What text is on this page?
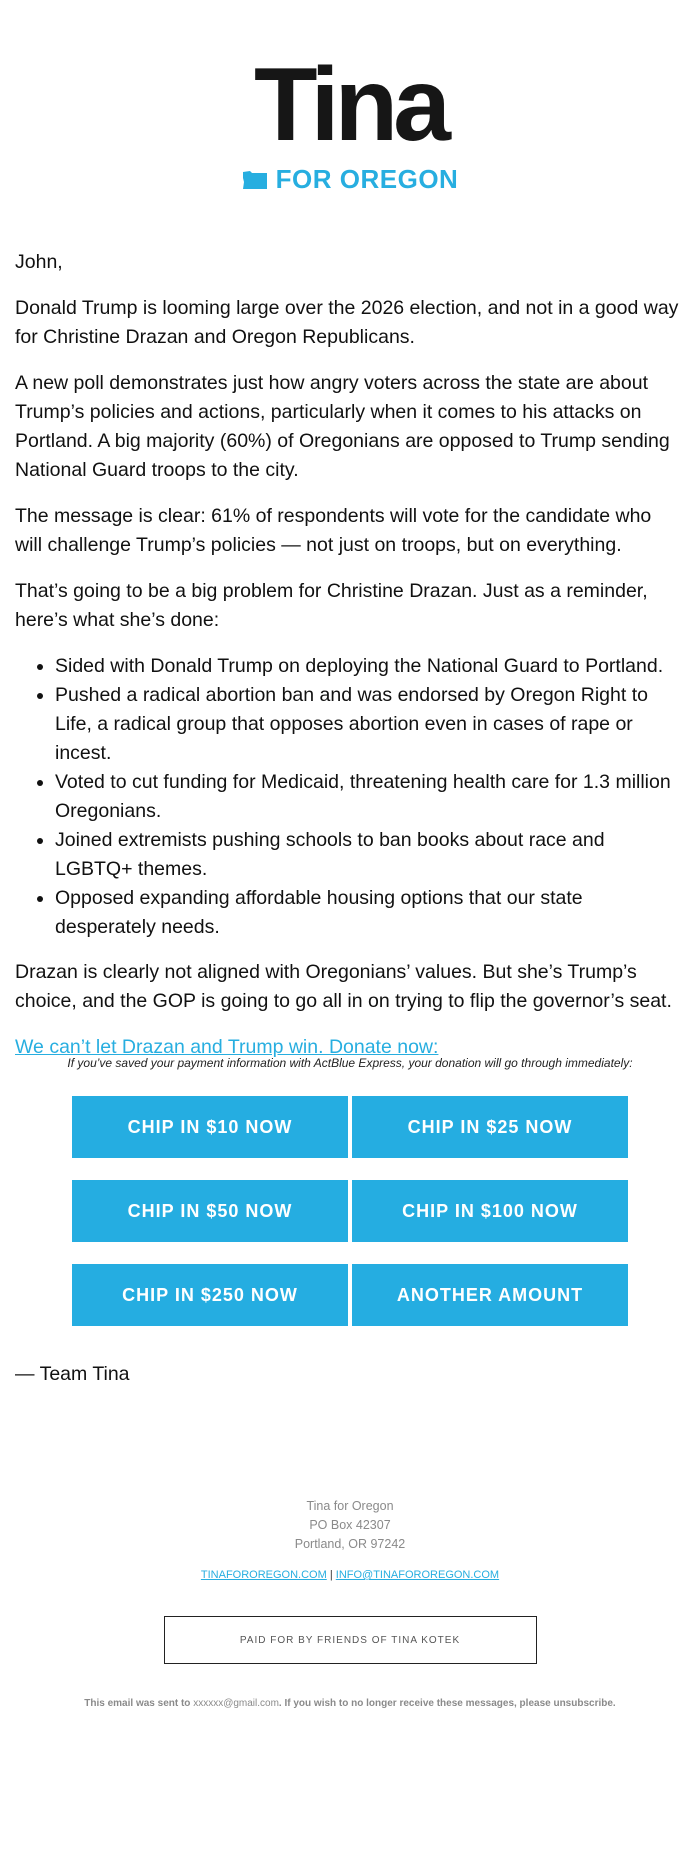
Tina
FOR OREGON

John,

Donald Trump is looming large over the 2026 election, and not in a good way for Christine Drazan and Oregon Republicans.

A new poll demonstrates just how angry voters across the state are about Trump’s policies and actions, particularly when it comes to his attacks on Portland. A big majority (60%) of Oregonians are opposed to Trump sending National Guard troops to the city.

The message is clear: 61% of respondents will vote for the candidate who will challenge Trump’s policies — not just on troops, but on everything.

That’s going to be a big problem for Christine Drazan. Just as a reminder, here’s what she’s done:

• Sided with Donald Trump on deploying the National Guard to Portland.
• Pushed a radical abortion ban and was endorsed by Oregon Right to Life, a radical group that opposes abortion even in cases of rape or incest.
• Voted to cut funding for Medicaid, threatening health care for 1.3 million Oregonians.
• Joined extremists pushing schools to ban books about race and LGBTQ+ themes.
• Opposed expanding affordable housing options that our state desperately needs.

Drazan is clearly not aligned with Oregonians’ values. But she’s Trump’s choice, and the GOP is going to go all in on trying to flip the governor’s seat.

We can’t let Drazan and Trump win. Donate now:

If you’ve saved your payment information with ActBlue Express, your donation will go through immediately:
CHIP IN $10 NOW	CHIP IN $25 NOW
CHIP IN $50 NOW	CHIP IN $100 NOW
CHIP IN $250 NOW	ANOTHER AMOUNT
— Team Tina
Tina for Oregon
PO Box 42307
Portland, OR 97242
TINAFOROREGON.COM | INFO@TINAFOROREGON.COM
PAID FOR BY FRIENDS OF TINA KOTEK
This email was sent to xxxxxx@gmail.com. If you wish to no longer receive these messages, please unsubscribe.
